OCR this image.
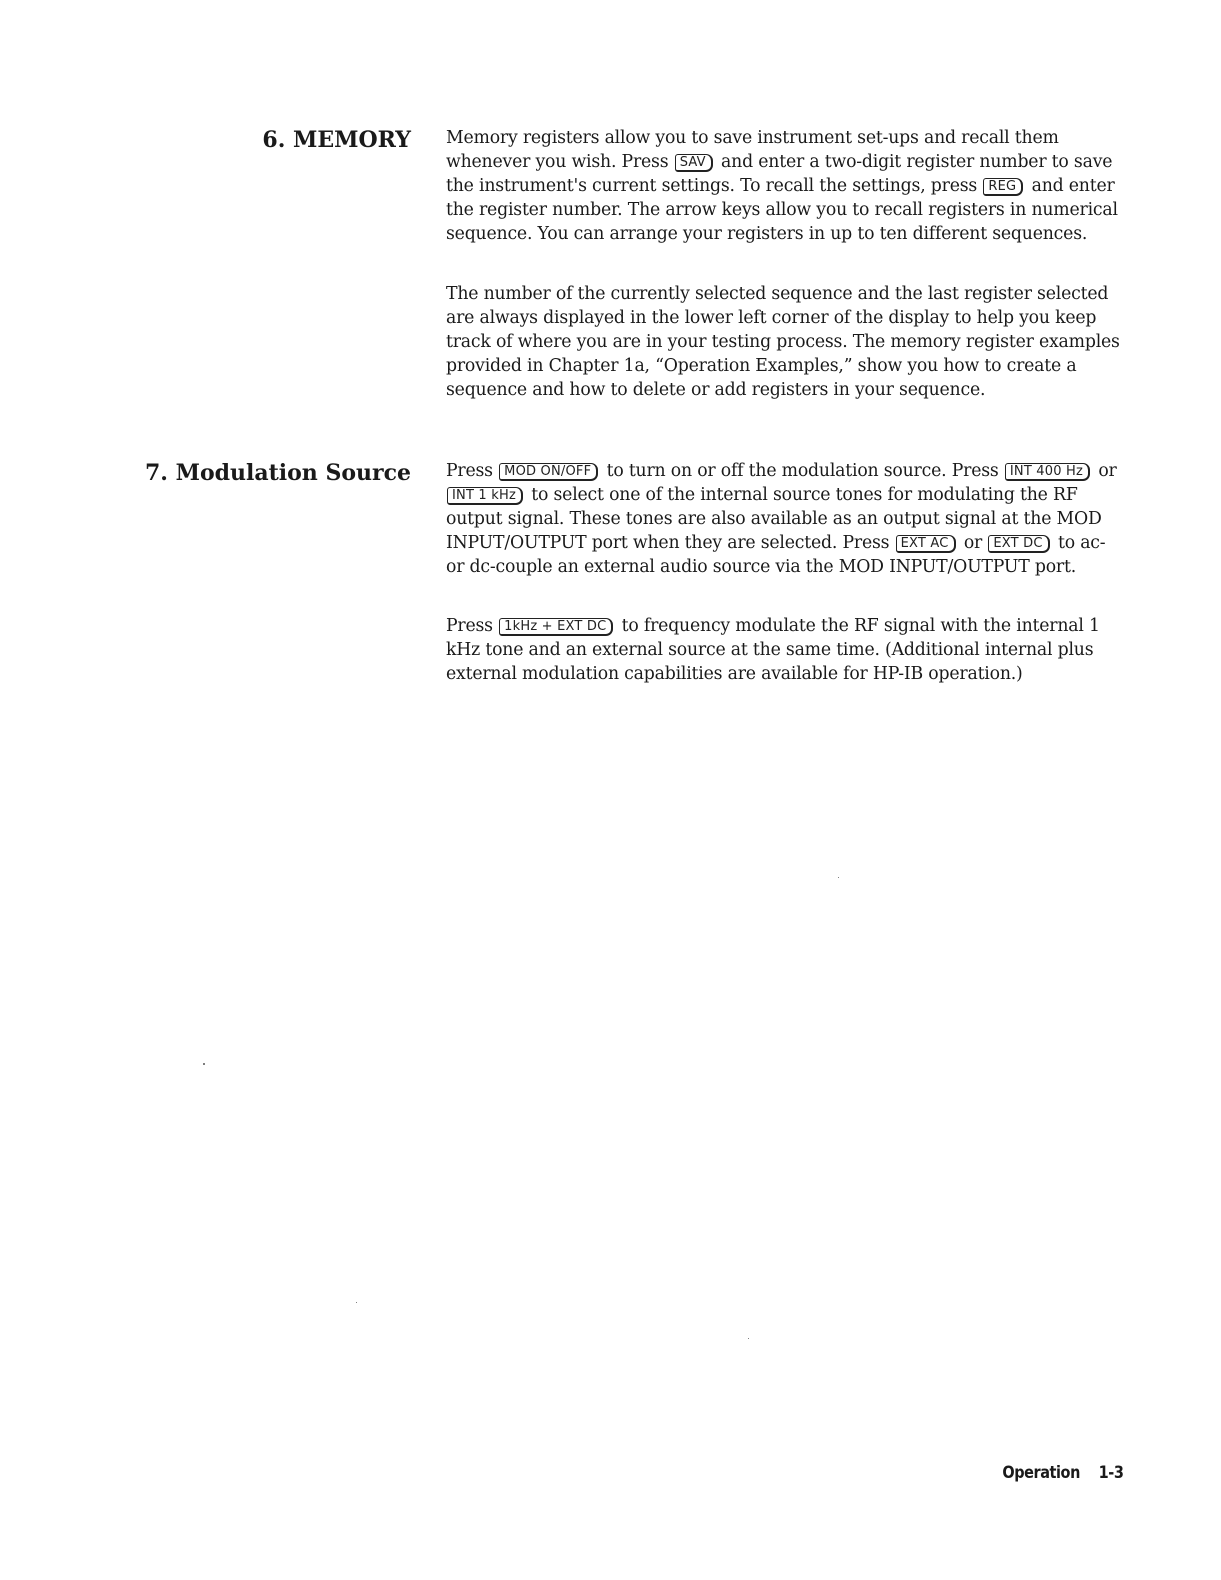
6. MEMORY Memory registers allow you to save instrument set-ups and recall them whenever you wish. Press SAV and enter a two-digit register number to save the instrument's current settings. To recall the settings, press REG and enter the register number. The arrow keys allow you to recall registers in numerical sequence. You can arrange your registers in up to ten different sequences.

The number of the currently selected sequence and the last register selected are always displayed in the lower left corner of the display to help you keep track of where you are in your testing process. The memory register examples provided in Chapter 1a, “Operation Examples,” show you how to create a sequence and how to delete or add registers in your sequence.

7. Modulation Source Press MOD ON/OFF to turn on or off the modulation source. Press INT 400 Hz or INT 1 kHz to select one of the internal source tones for modulating the RF output signal. These tones are also available as an output signal at the MOD INPUT/OUTPUT port when they are selected. Press EXT AC or EXT DC to ac- or dc-couple an external audio source via the MOD INPUT/OUTPUT port.

Press 1kHz + EXT DC to frequency modulate the RF signal with the internal 1 kHz tone and an external source at the same time. (Additional internal plus external modulation capabilities are available for HP-IB operation.)

Operation 1-3
